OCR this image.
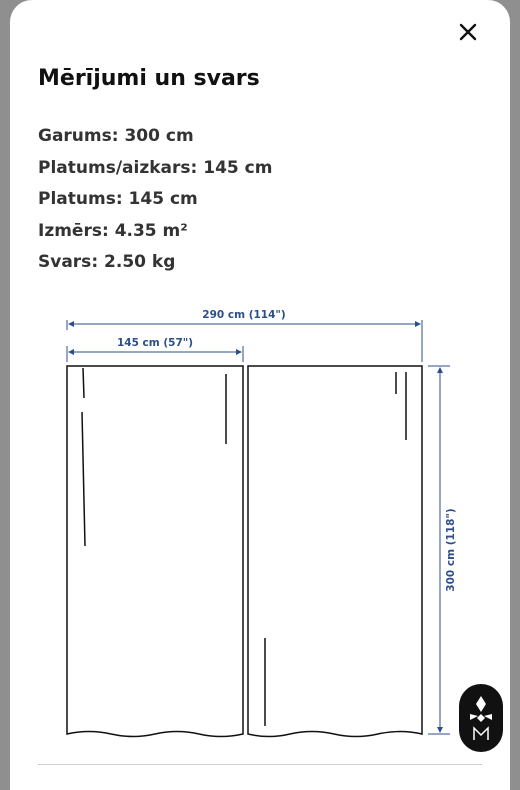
Mērījumi un svars
Garums: 300 cm
Platums/aizkars: 145 cm
Platums: 145 cm
Izmērs: 4.35 m²
Svars: 2.50 kg
290 cm (114")
145 cm (57")
300 cm (118")
